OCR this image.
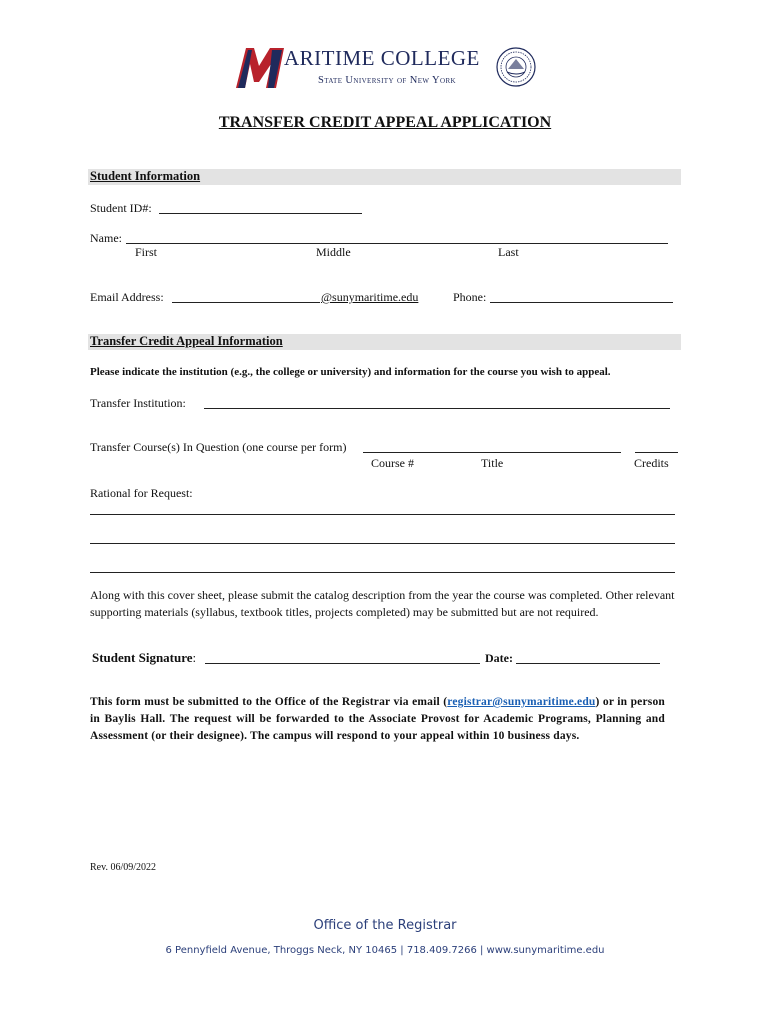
ARITIME COLLEGE
State University of New York
TRANSFER CREDIT APPEAL APPLICATION
Student Information
Student ID#:
Name:
First	Middle	Last
Email Address:	@sunymaritime.edu	Phone:
Transfer Credit Appeal Information
Please indicate the institution (e.g., the college or university) and information for the course you wish to appeal.
Transfer Institution:
Transfer Course(s) In Question (one course per form)
Course #	Title	Credits
Rational for Request:
Along with this cover sheet, please submit the catalog description from the year the course was completed. Other relevant supporting materials (syllabus, textbook titles, projects completed) may be submitted but are not required.
Student Signature:	Date:
This form must be submitted to the Office of the Registrar via email (registrar@sunymaritime.edu) or in person in Baylis Hall. The request will be forwarded to the Associate Provost for Academic Programs, Planning and Assessment (or their designee). The campus will respond to your appeal within 10 business days.
Rev. 06/09/2022
Office of the Registrar
6 Pennyfield Avenue, Throggs Neck, NY 10465 | 718.409.7266 | www.sunymaritime.edu
